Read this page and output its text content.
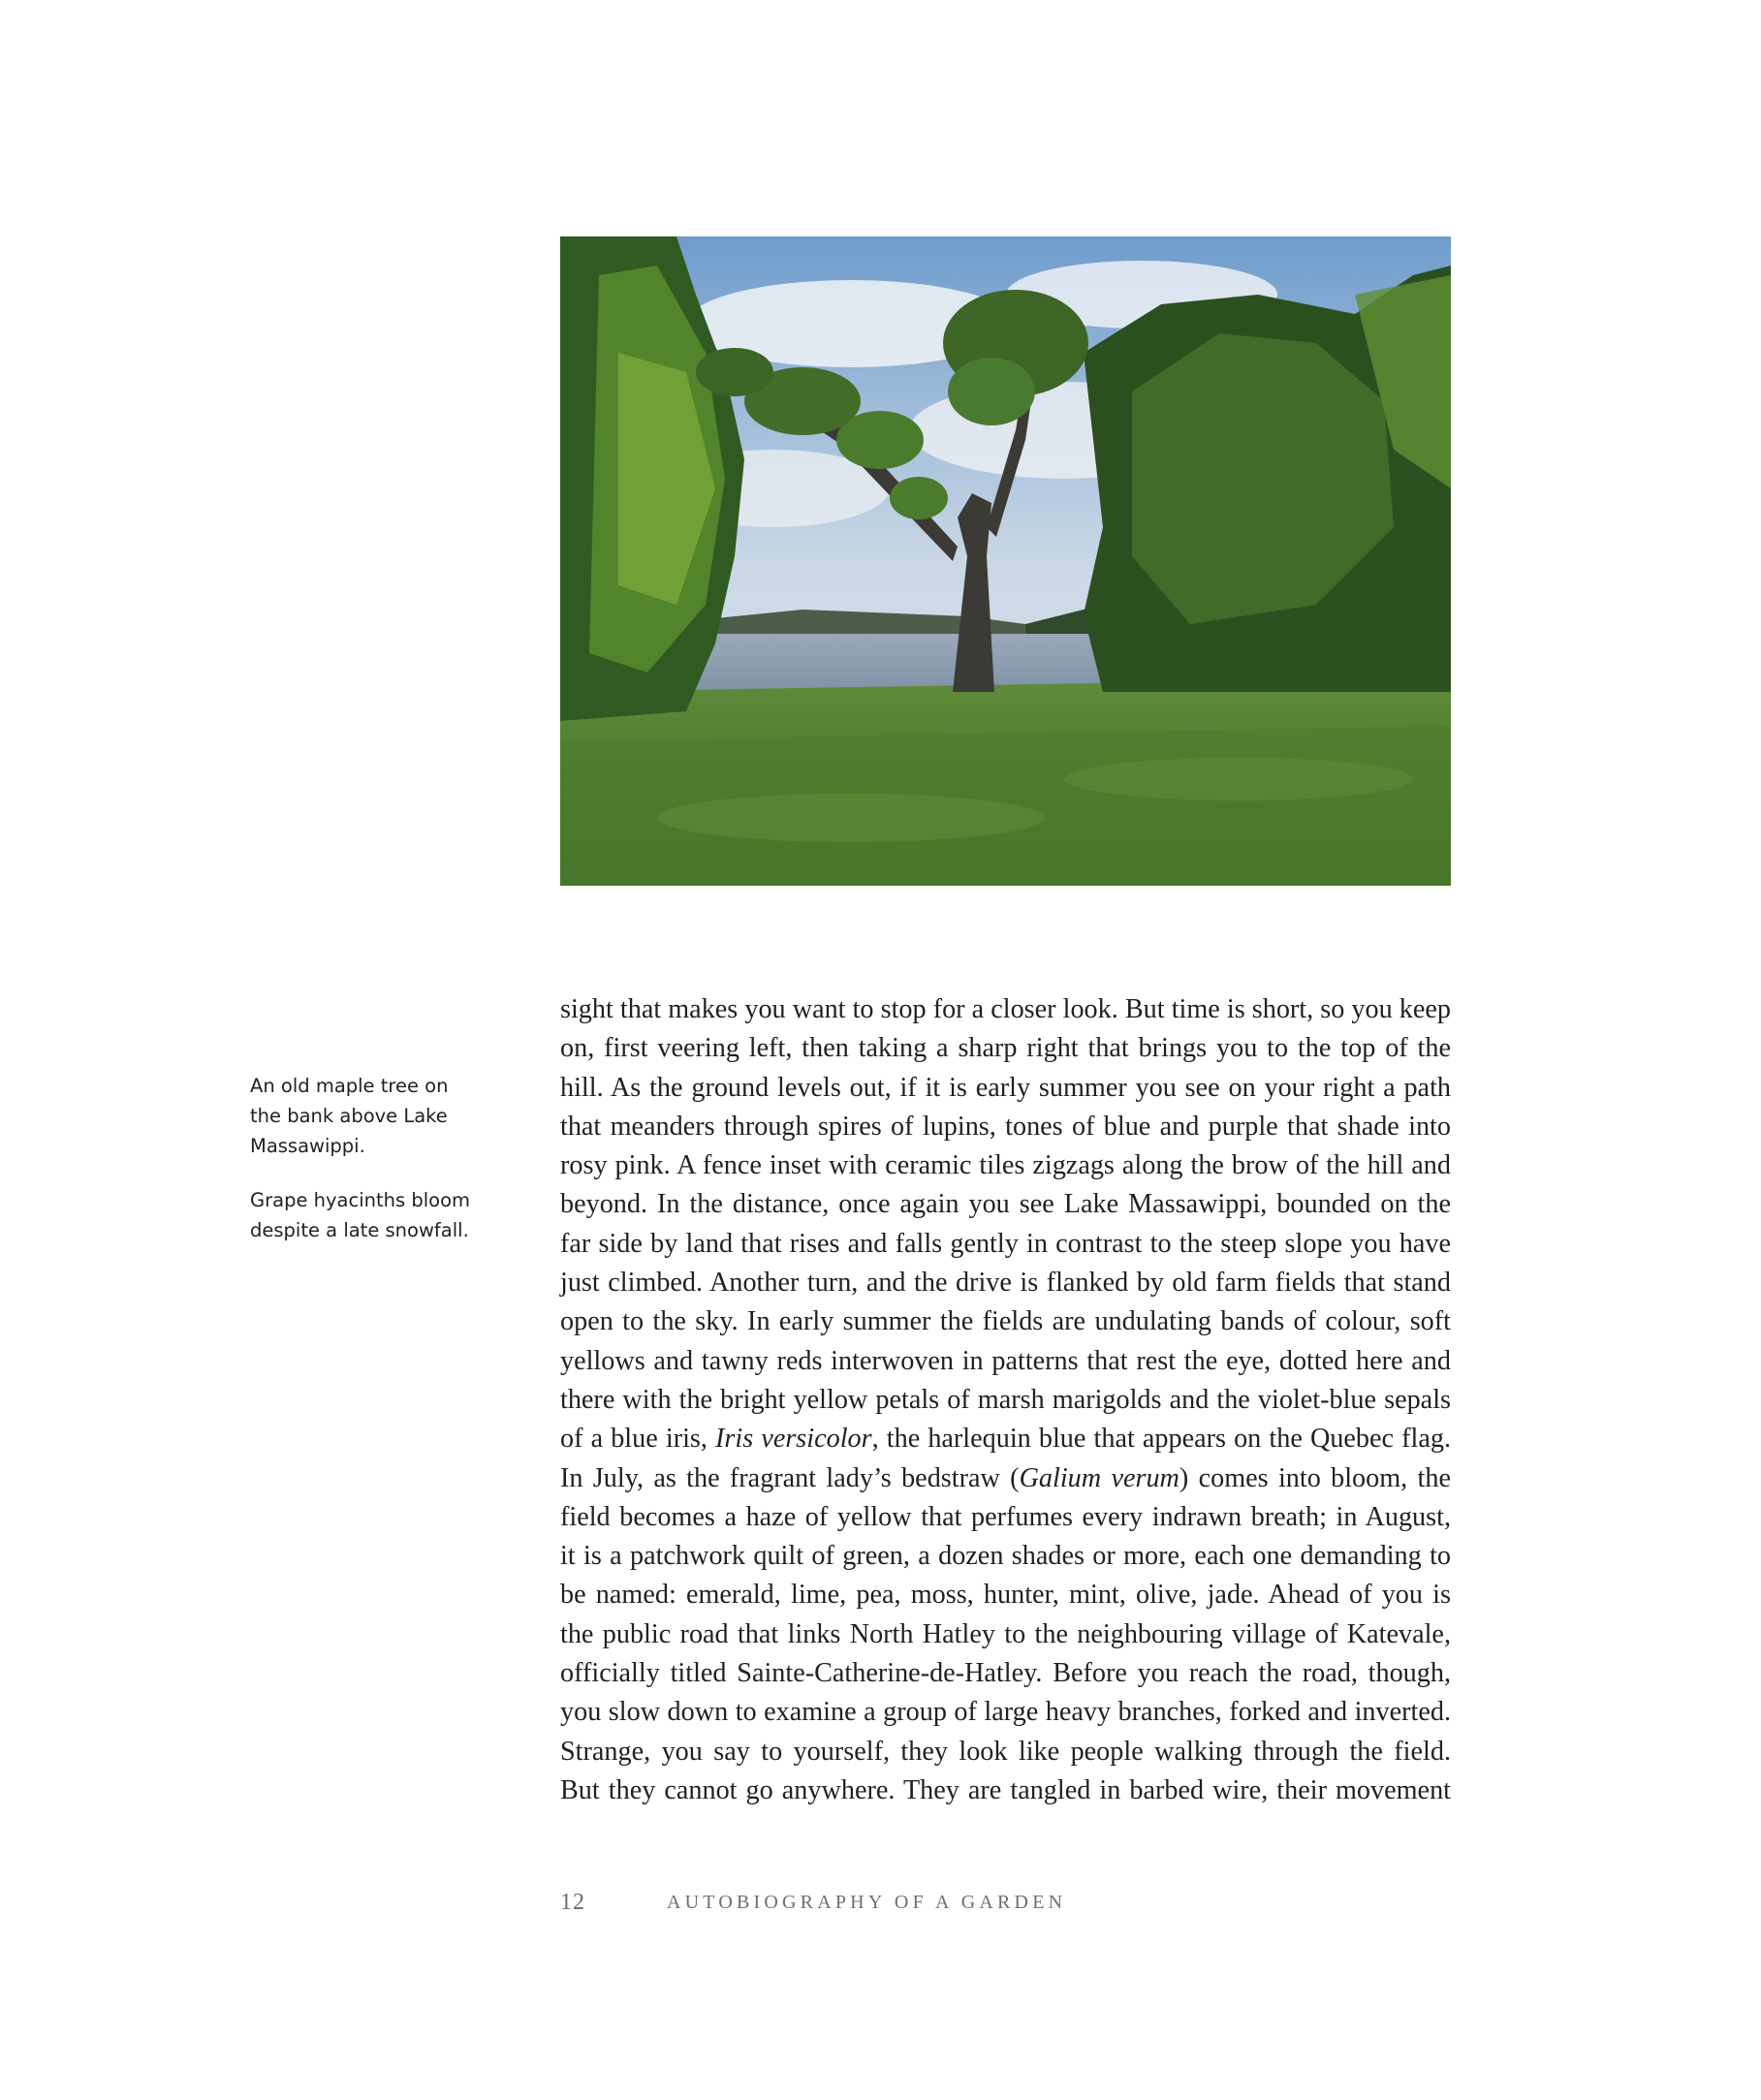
An old maple tree on the bank above Lake Massawippi.

Grape hyacinths bloom despite a late snowfall.

sight that makes you want to stop for a closer look. But time is short, so you keep
on, first veering left, then taking a sharp right that brings you to the top of the
hill. As the ground levels out, if it is early summer you see on your right a path
that meanders through spires of lupins, tones of blue and purple that shade into
rosy pink. A fence inset with ceramic tiles zigzags along the brow of the hill and
beyond. In the distance, once again you see Lake Massawippi, bounded on the
far side by land that rises and falls gently in contrast to the steep slope you have
just climbed. Another turn, and the drive is flanked by old farm fields that stand
open to the sky. In early summer the fields are undulating bands of colour, soft
yellows and tawny reds interwoven in patterns that rest the eye, dotted here and
there with the bright yellow petals of marsh marigolds and the violet-blue sepals
of a blue iris, Iris versicolor, the harlequin blue that appears on the Quebec flag.
In July, as the fragrant lady’s bedstraw (Galium verum) comes into bloom, the
field becomes a haze of yellow that perfumes every indrawn breath; in August,
it is a patchwork quilt of green, a dozen shades or more, each one demanding to
be named: emerald, lime, pea, moss, hunter, mint, olive, jade. Ahead of you is
the public road that links North Hatley to the neighbouring village of Katevale,
officially titled Sainte-Catherine-de-Hatley. Before you reach the road, though,
you slow down to examine a group of large heavy branches, forked and inverted.
Strange, you say to yourself, they look like people walking through the field.
But they cannot go anywhere. They are tangled in barbed wire, their movement
12	AUTOBIOGRAPHY OF A GARDEN
